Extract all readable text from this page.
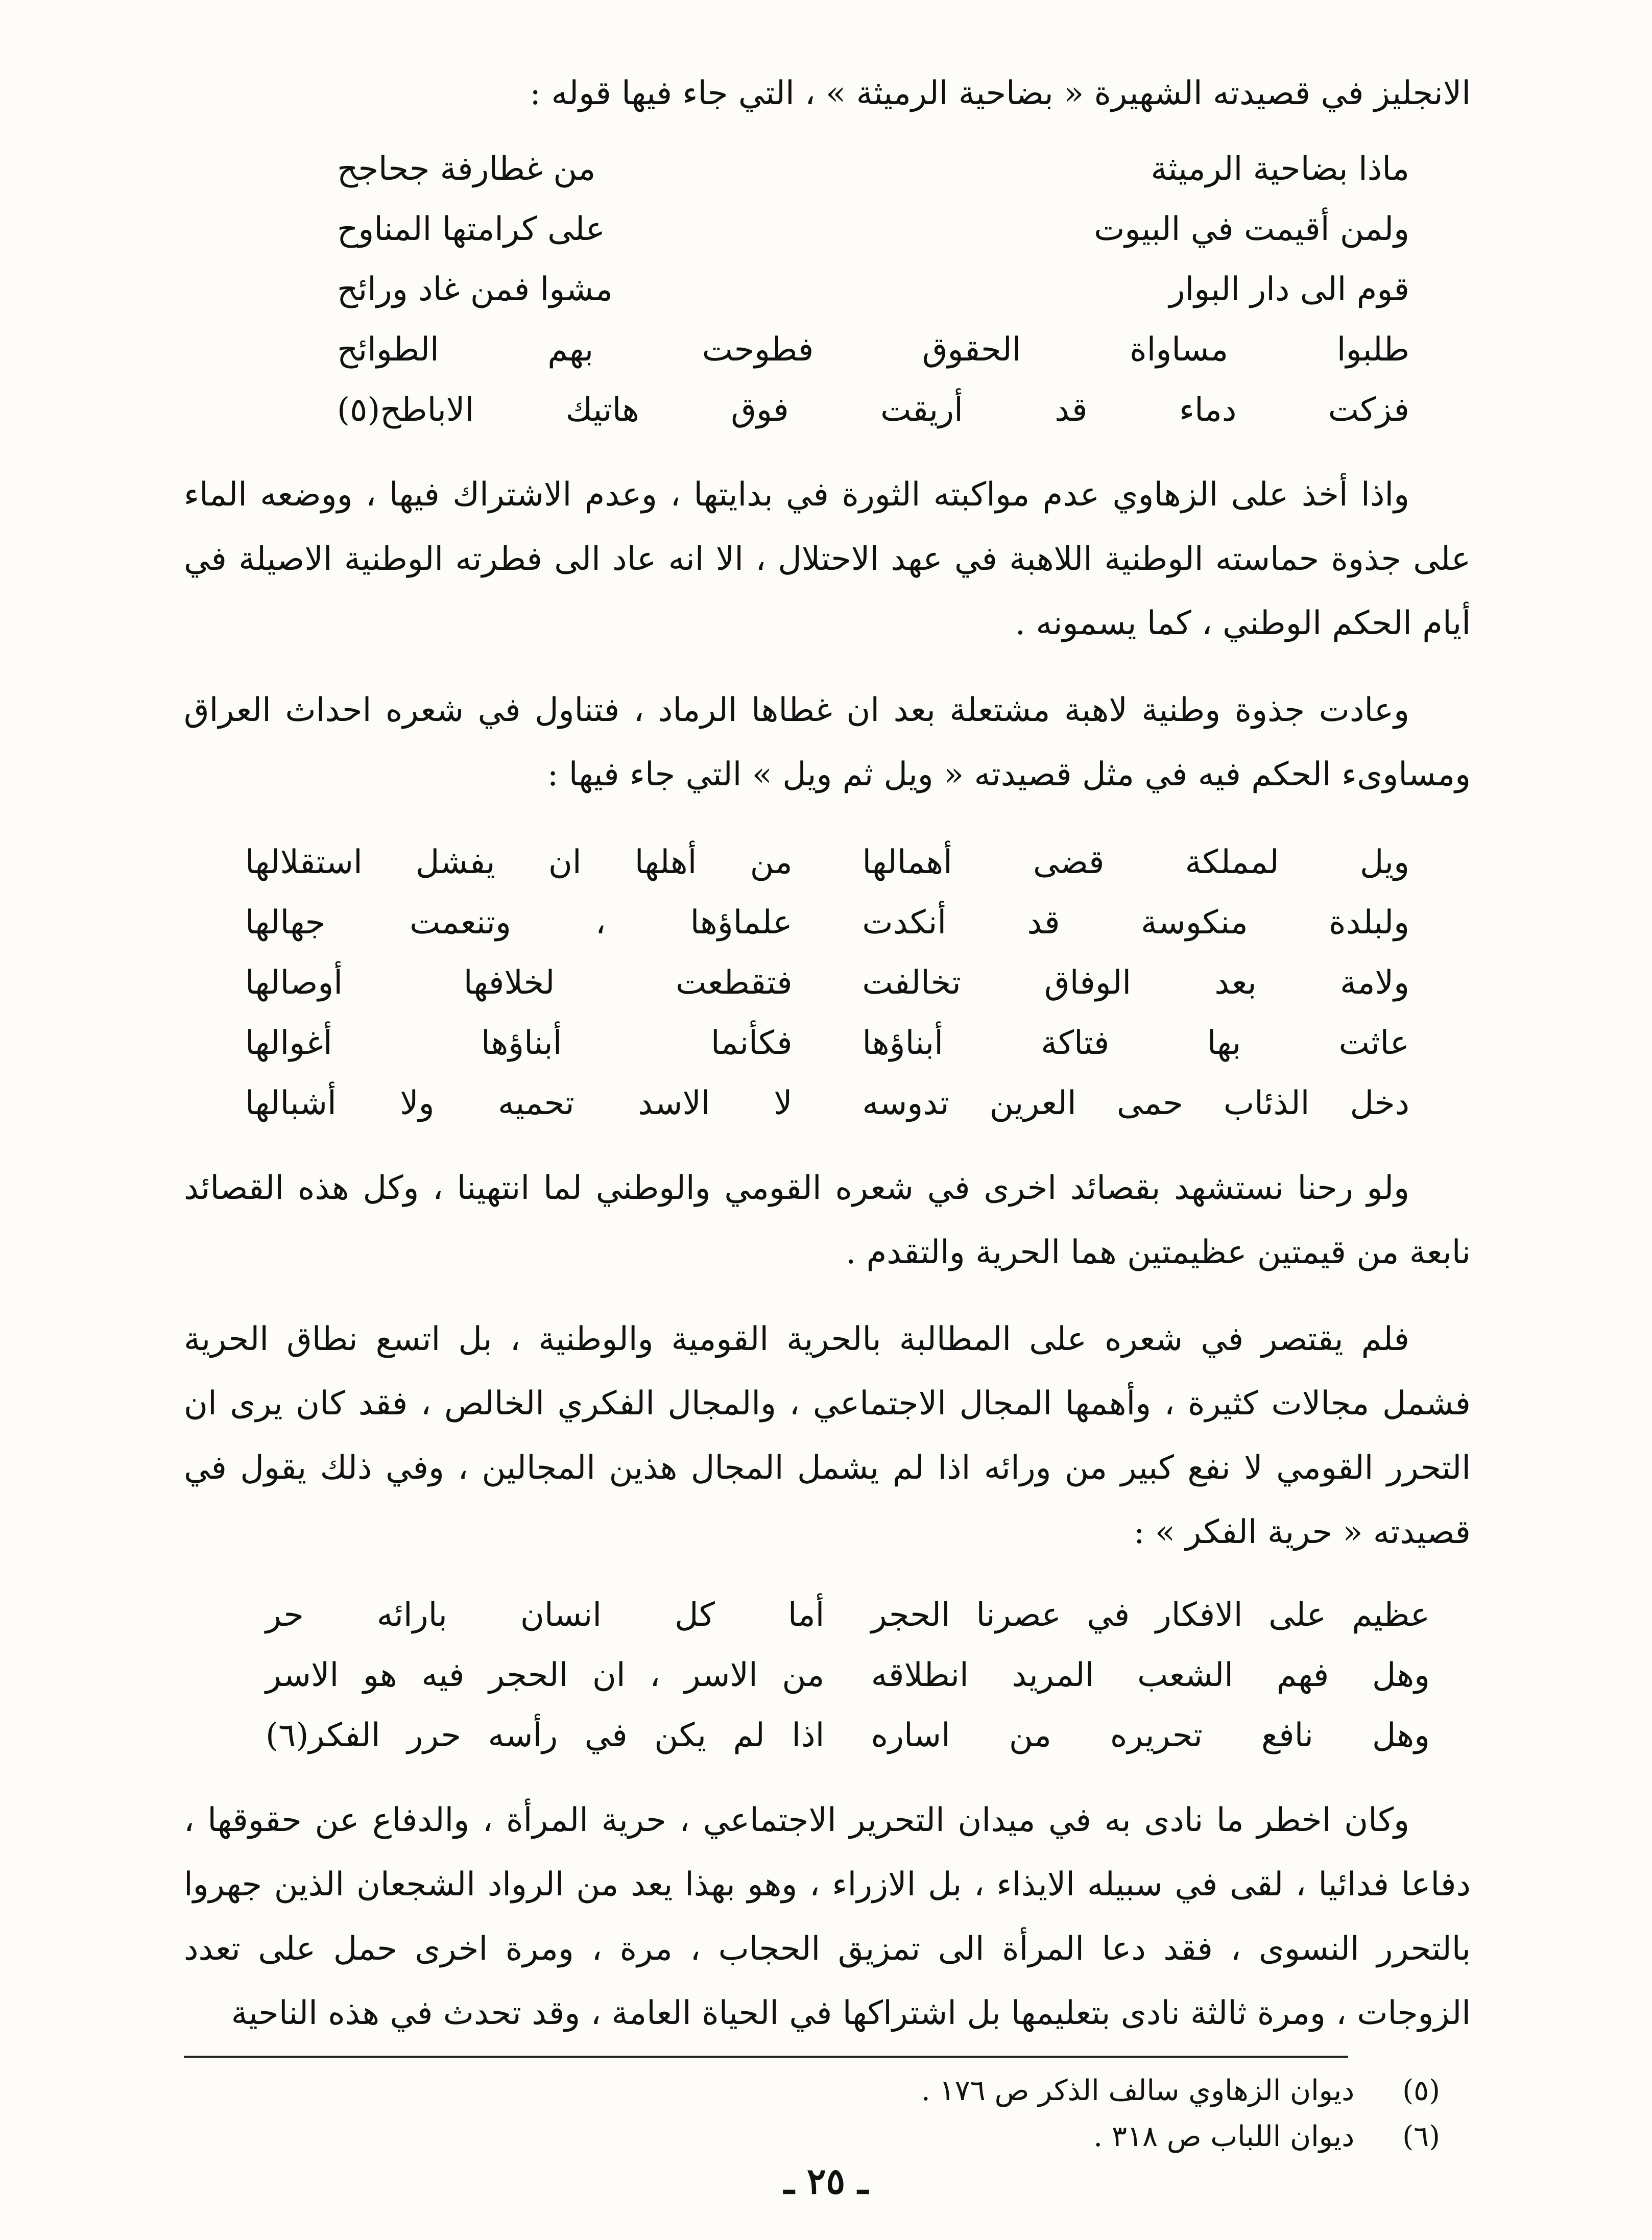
الانجليز في قصيدته الشهيرة « بضاحية الرميثة » ، التي جاء فيها قوله :

ماذا بضاحية الرميثة
من غطارفة جحاجح
ولمن أقيمت في البيوت
على كرامتها المناوح
قوم الى دار البوار
مشوا فمن غاد ورائح
طلبوا مساواة الحقوق فطوحت بهم الطوائح
فزكت دماء قد أريقت فوق هاتيك الاباطح(٥)

واذا أخذ على الزهاوي عدم مواكبته الثورة في بدايتها ، وعدم الاشتراك فيها ، ووضعه الماء على جذوة حماسته الوطنية اللاهبة في عهد الاحتلال ، الا انه عاد الى فطرته الوطنية الاصيلة في أيام الحكم الوطني ، كما يسمونه .

وعادت جذوة وطنية لاهبة مشتعلة بعد ان غطاها الرماد ، فتناول في شعره احداث العراق ومساوىء الحكم فيه في مثل قصيدته « ويل ثم ويل » التي جاء فيها :

ويل لمملكة قضى أهمالها
من أهلها ان يفشل استقلالها
ولبلدة منكوسة قد أنكدت
علماؤها ، وتنعمت جهالها
ولامة بعد الوفاق تخالفت
فتقطعت لخلافها أوصالها
عاثت بها فتاكة أبناؤها
فكأنما أبناؤها أغوالها
دخل الذئاب حمى العرين تدوسه
لا الاسد تحميه ولا أشبالها

ولو رحنا نستشهد بقصائد اخرى في شعره القومي والوطني لما انتهينا ، وكل هذه القصائد نابعة من قيمتين عظيمتين هما الحرية والتقدم .

فلم يقتصر في شعره على المطالبة بالحرية القومية والوطنية ، بل اتسع نطاق الحرية فشمل مجالات كثيرة ، وأهمها المجال الاجتماعي ، والمجال الفكري الخالص ، فقد كان يرى ان التحرر القومي لا نفع كبير من ورائه اذا لم يشمل المجال هذين المجالين ، وفي ذلك يقول في قصيدته « حرية الفكر » :

عظيم على الافكار في عصرنا الحجر
أما كل انسان بارائه حر
وهل فهم الشعب المريد انطلاقه
من الاسر ، ان الحجر فيه هو الاسر
وهل نافع تحريره من اساره
اذا لم يكن في رأسه حرر الفكر(٦)

وكان اخطر ما نادى به في ميدان التحرير الاجتماعي ، حرية المرأة ، والدفاع عن حقوقها ، دفاعا فدائيا ، لقى في سبيله الايذاء ، بل الازراء ، وهو بهذا يعد من الرواد الشجعان الذين جهروا بالتحرر النسوى ، فقد دعا المرأة الى تمزيق الحجاب ، مرة ، ومرة اخرى حمل على تعدد الزوجات ، ومرة ثالثة نادى بتعليمها بل اشتراكها في الحياة العامة ، وقد تحدث في هذه الناحية

(٥) ديوان الزهاوي سالف الذكر ص ١٧٦ .
(٦) ديوان اللباب ص ٣١٨ .
ـ ٢٥ ـ
